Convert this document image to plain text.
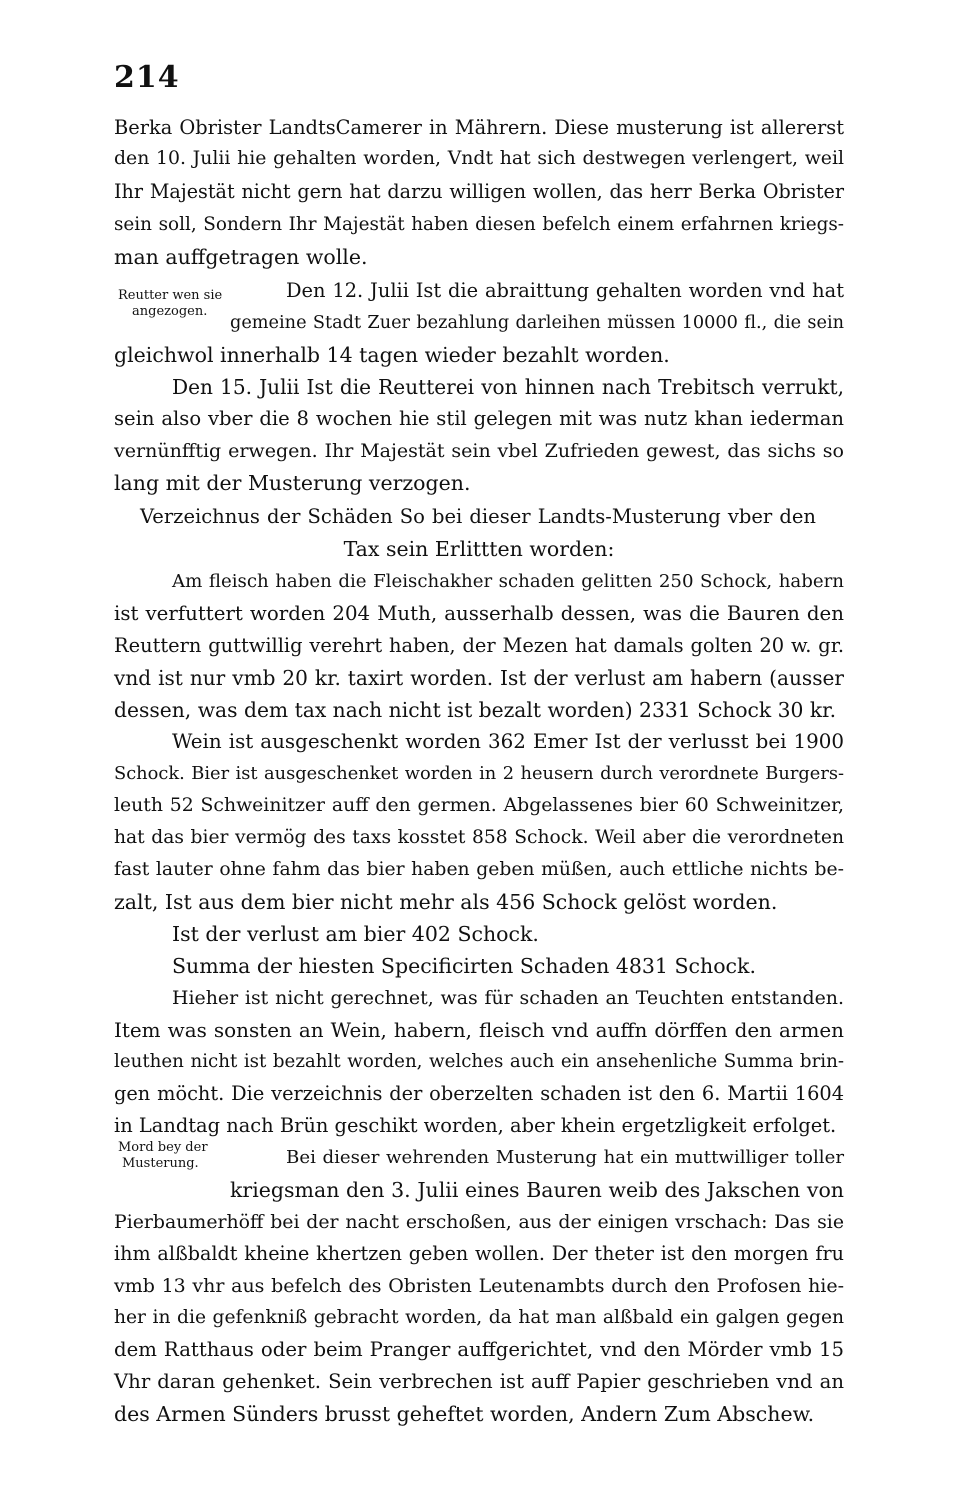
214
Reutter wen sie
angezogen.
Mord bey der
Musterung.
Berka Obrister LandtsCamerer in Mährern. Diese musterung ist allererst
den 10. Julii hie gehalten worden, Vndt hat sich destwegen verlengert, weil
Ihr Majestät nicht gern hat darzu willigen wollen, das herr Berka Obrister
sein soll, Sondern Ihr Majestät haben diesen befelch einem erfahrnen kriegs-
man auffgetragen wolle.
Den 12. Julii Ist die abraittung gehalten worden vnd hat
gemeine Stadt Zuer bezahlung darleihen müssen 10000 fl., die sein
gleichwol innerhalb 14 tagen wieder bezahlt worden.
Den 15. Julii Ist die Reutterei von hinnen nach Trebitsch verrukt,
sein also vber die 8 wochen hie stil gelegen mit was nutz khan iederman
vernünfftig erwegen. Ihr Majestät sein vbel Zufrieden gewest, das sichs so
lang mit der Musterung verzogen.
Verzeichnus der Schäden So bei dieser Landts-Musterung vber den
Tax sein Erlittten worden:
Am fleisch haben die Fleischakher schaden gelitten 250 Schock, habern
ist verfuttert worden 204 Muth, ausserhalb dessen, was die Bauren den
Reuttern guttwillig verehrt haben, der Mezen hat damals golten 20 w. gr.
vnd ist nur vmb 20 kr. taxirt worden. Ist der verlust am habern (ausser
dessen, was dem tax nach nicht ist bezalt worden) 2331 Schock 30 kr.
Wein ist ausgeschenkt worden 362 Emer Ist der verlusst bei 1900
Schock. Bier ist ausgeschenket worden in 2 heusern durch verordnete Burgers-
leuth 52 Schweinitzer auff den germen. Abgelassenes bier 60 Schweinitzer,
hat das bier vermög des taxs kosstet 858 Schock. Weil aber die verordneten
fast lauter ohne fahm das bier haben geben müßen, auch ettliche nichts be-
zalt, Ist aus dem bier nicht mehr als 456 Schock gelöst worden.
Ist der verlust am bier 402 Schock.
Summa der hiesten Specificirten Schaden 4831 Schock.
Hieher ist nicht gerechnet, was für schaden an Teuchten entstanden.
Item was sonsten an Wein, habern, fleisch vnd auffn dörffen den armen
leuthen nicht ist bezahlt worden, welches auch ein ansehenliche Summa brin-
gen möcht. Die verzeichnis der oberzelten schaden ist den 6. Martii 1604
in Landtag nach Brün geschikt worden, aber khein ergetzligkeit erfolget.
Bei dieser wehrenden Musterung hat ein muttwilliger toller
kriegsman den 3. Julii eines Bauren weib des Jakschen von
Pierbaumerhöff bei der nacht erschoßen, aus der einigen vrschach: Das sie
ihm alßbaldt kheine khertzen geben wollen. Der theter ist den morgen fru
vmb 13 vhr aus befelch des Obristen Leutenambts durch den Profosen hie-
her in die gefenkniß gebracht worden, da hat man alßbald ein galgen gegen
dem Ratthaus oder beim Pranger auffgerichtet, vnd den Mörder vmb 15
Vhr daran gehenket. Sein verbrechen ist auff Papier geschrieben vnd an
des Armen Sünders brusst geheftet worden, Andern Zum Abschew.
